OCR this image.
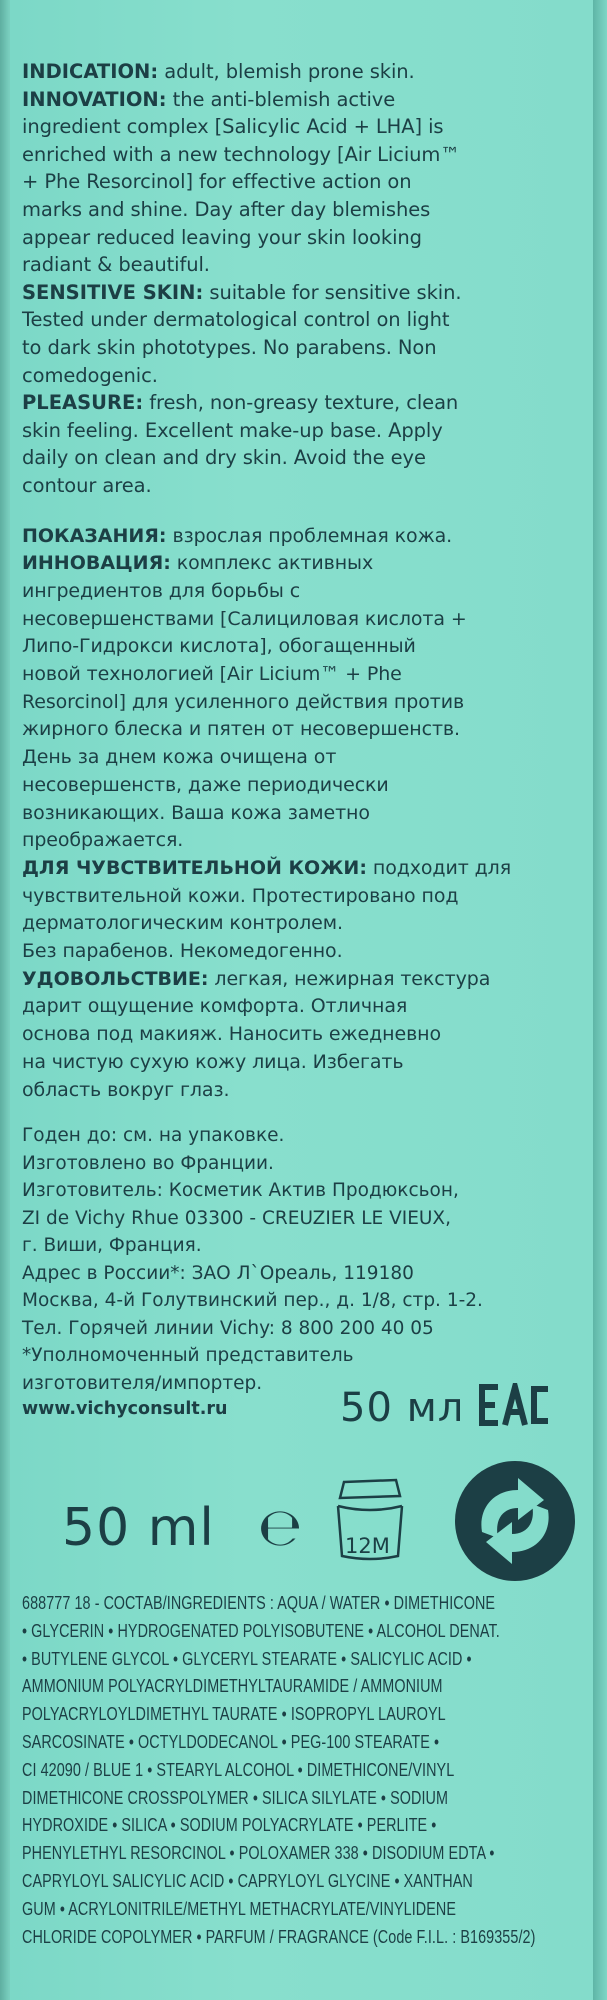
INDICATION: adult, blemish prone skin.

INNOVATION: the anti-blemish active
ingredient complex [Salicylic Acid + LHA] is
enriched with a new technology [Air Licium™
+ Phe Resorcinol] for effective action on
marks and shine. Day after day blemishes
appear reduced leaving your skin looking
radiant & beautiful.

SENSITIVE SKIN: suitable for sensitive skin.
Tested under dermatological control on light
to dark skin phototypes. No parabens. Non
comedogenic.

PLEASURE: fresh, non-greasy texture, clean
skin feeling. Excellent make-up base. Apply
daily on clean and dry skin. Avoid the eye
contour area.

ПОКАЗАНИЯ: взрослая проблемная кожа.

ИННОВАЦИЯ: комплекс активных
ингредиентов для борьбы с
несовершенствами [Салициловая кислота +
Липо-Гидрокси кислота], обогащенный
новой технологией [Air Licium™ + Phe
Resorcinol] для усиленного действия против
жирного блеска и пятен от несовершенств.
День за днем кожа очищена от
несовершенств, даже периодически
возникающих. Ваша кожа заметно
преображается.

ДЛЯ ЧУВСТВИТЕЛЬНОЙ КОЖИ: подходит для
чувствительной кожи. Протестировано под
дерматологическим контролем.
Без парабенов. Некомедогенно.

УДОВОЛЬСТВИЕ: легкая, нежирная текстура
дарит ощущение комфорта. Отличная
основа под макияж. Наносить ежедневно
на чистую сухую кожу лица. Избегать
область вокруг глаз.

Годен до: см. на упаковке.
Изготовлено во Франции.
Изготовитель: Косметик Актив Продюксьон,
ZI de Vichy Rhue 03300 - CREUZIER LE VIEUX,
г. Виши, Франция.
Адрес в России*: ЗАО Л`Ореаль, 119180
Москва, 4-й Голутвинский пер., д. 1/8, стр. 1-2.
Тел. Горячей линии Vichy: 8 800 200 40 05
*Уполномоченный представитель
изготовителя/импортер.
www.vichyconsult.ru	50 мл
50 ml ℮ 12M
688777 18 - СОСТАВ/INGREDIENTS : AQUA / WATER • DIMETHICONE
• GLYCERIN • HYDROGENATED POLYISOBUTENE • ALCOHOL DENAT.
• BUTYLENE GLYCOL • GLYCERYL STEARATE • SALICYLIC ACID •
AMMONIUM POLYACRYLDIMETHYLTAURAMIDE / AMMONIUM
POLYACRYLOYLDIMETHYL TAURATE • ISOPROPYL LAUROYL
SARCOSINATE • OCTYLDODECANOL • PEG-100 STEARATE •
CI 42090 / BLUE 1 • STEARYL ALCOHOL • DIMETHICONE/VINYL
DIMETHICONE CROSSPOLYMER • SILICA SILYLATE • SODIUM
HYDROXIDE • SILICA • SODIUM POLYACRYLATE • PERLITE •
PHENYLETHYL RESORCINOL • POLOXAMER 338 • DISODIUM EDTA •
CAPRYLOYL SALICYLIC ACID • CAPRYLOYL GLYCINE • XANTHAN
GUM • ACRYLONITRILE/METHYL METHACRYLATE/VINYLIDENE
CHLORIDE COPOLYMER • PARFUM / FRAGRANCE (Code F.I.L. : B169355/2)
